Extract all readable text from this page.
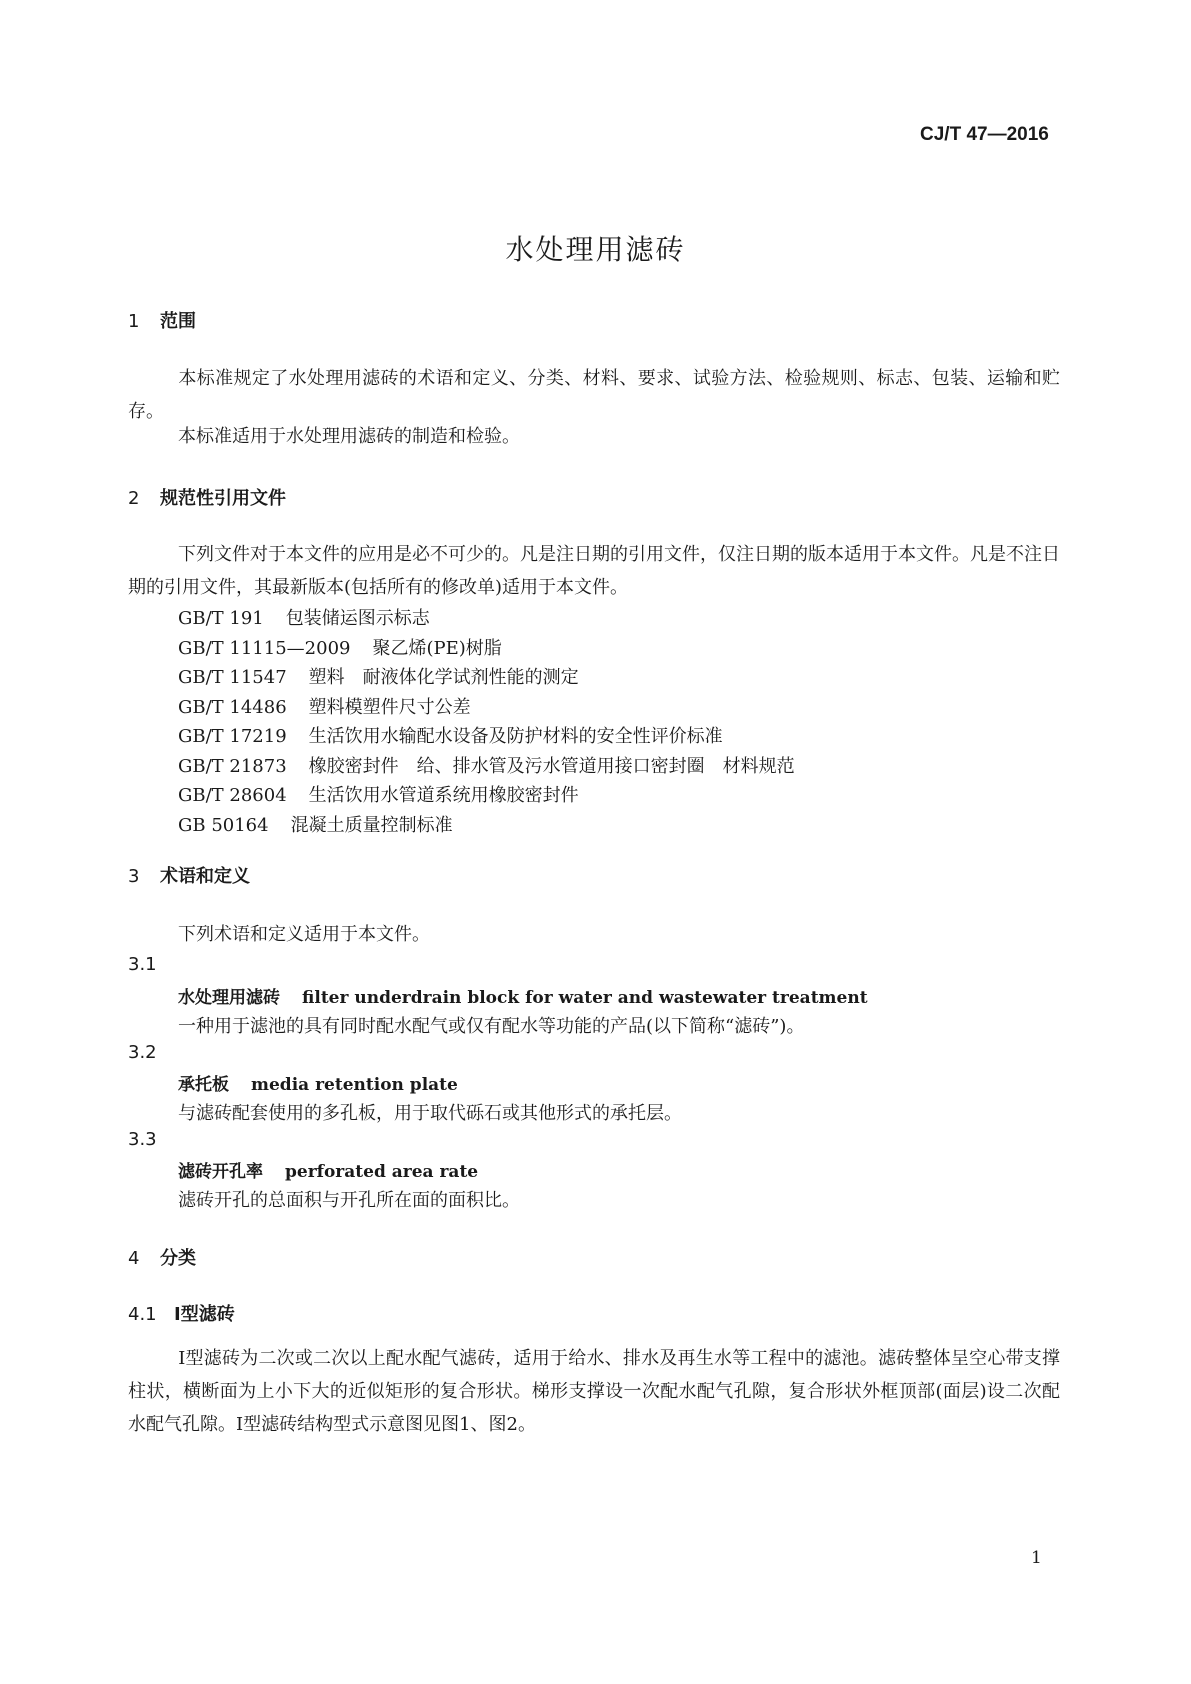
CJ/T 47—2016
水处理用滤砖
1 范围
本标准规定了水处理用滤砖的术语和定义、分类、材料、要求、试验方法、检验规则、标志、包装、运输和贮存。
本标准适用于水处理用滤砖的制造和检验。
2 规范性引用文件
下列文件对于本文件的应用是必不可少的。凡是注日期的引用文件，仅注日期的版本适用于本文件。凡是不注日期的引用文件，其最新版本(包括所有的修改单)适用于本文件。
GB/T 191 包装储运图示标志
GB/T 11115—2009 聚乙烯(PE)树脂
GB/T 11547 塑料　耐液体化学试剂性能的测定
GB/T 14486 塑料模塑件尺寸公差
GB/T 17219 生活饮用水输配水设备及防护材料的安全性评价标准
GB/T 21873 橡胶密封件　给、排水管及污水管道用接口密封圈　材料规范
GB/T 28604 生活饮用水管道系统用橡胶密封件
GB 50164 混凝土质量控制标准
3 术语和定义
下列术语和定义适用于本文件。
3.1
水处理用滤砖 filter underdrain block for water and wastewater treatment
一种用于滤池的具有同时配水配气或仅有配水等功能的产品(以下简称“滤砖”)。
3.2
承托板 media retention plate
与滤砖配套使用的多孔板，用于取代砾石或其他形式的承托层。
3.3
滤砖开孔率 perforated area rate
滤砖开孔的总面积与开孔所在面的面积比。
4 分类
4.1 Ⅰ型滤砖
Ⅰ型滤砖为二次或二次以上配水配气滤砖，适用于给水、排水及再生水等工程中的滤池。滤砖整体呈空心带支撑柱状，横断面为上小下大的近似矩形的复合形状。梯形支撑设一次配水配气孔隙，复合形状外框顶部(面层)设二次配水配气孔隙。Ⅰ型滤砖结构型式示意图见图1、图2。
1
